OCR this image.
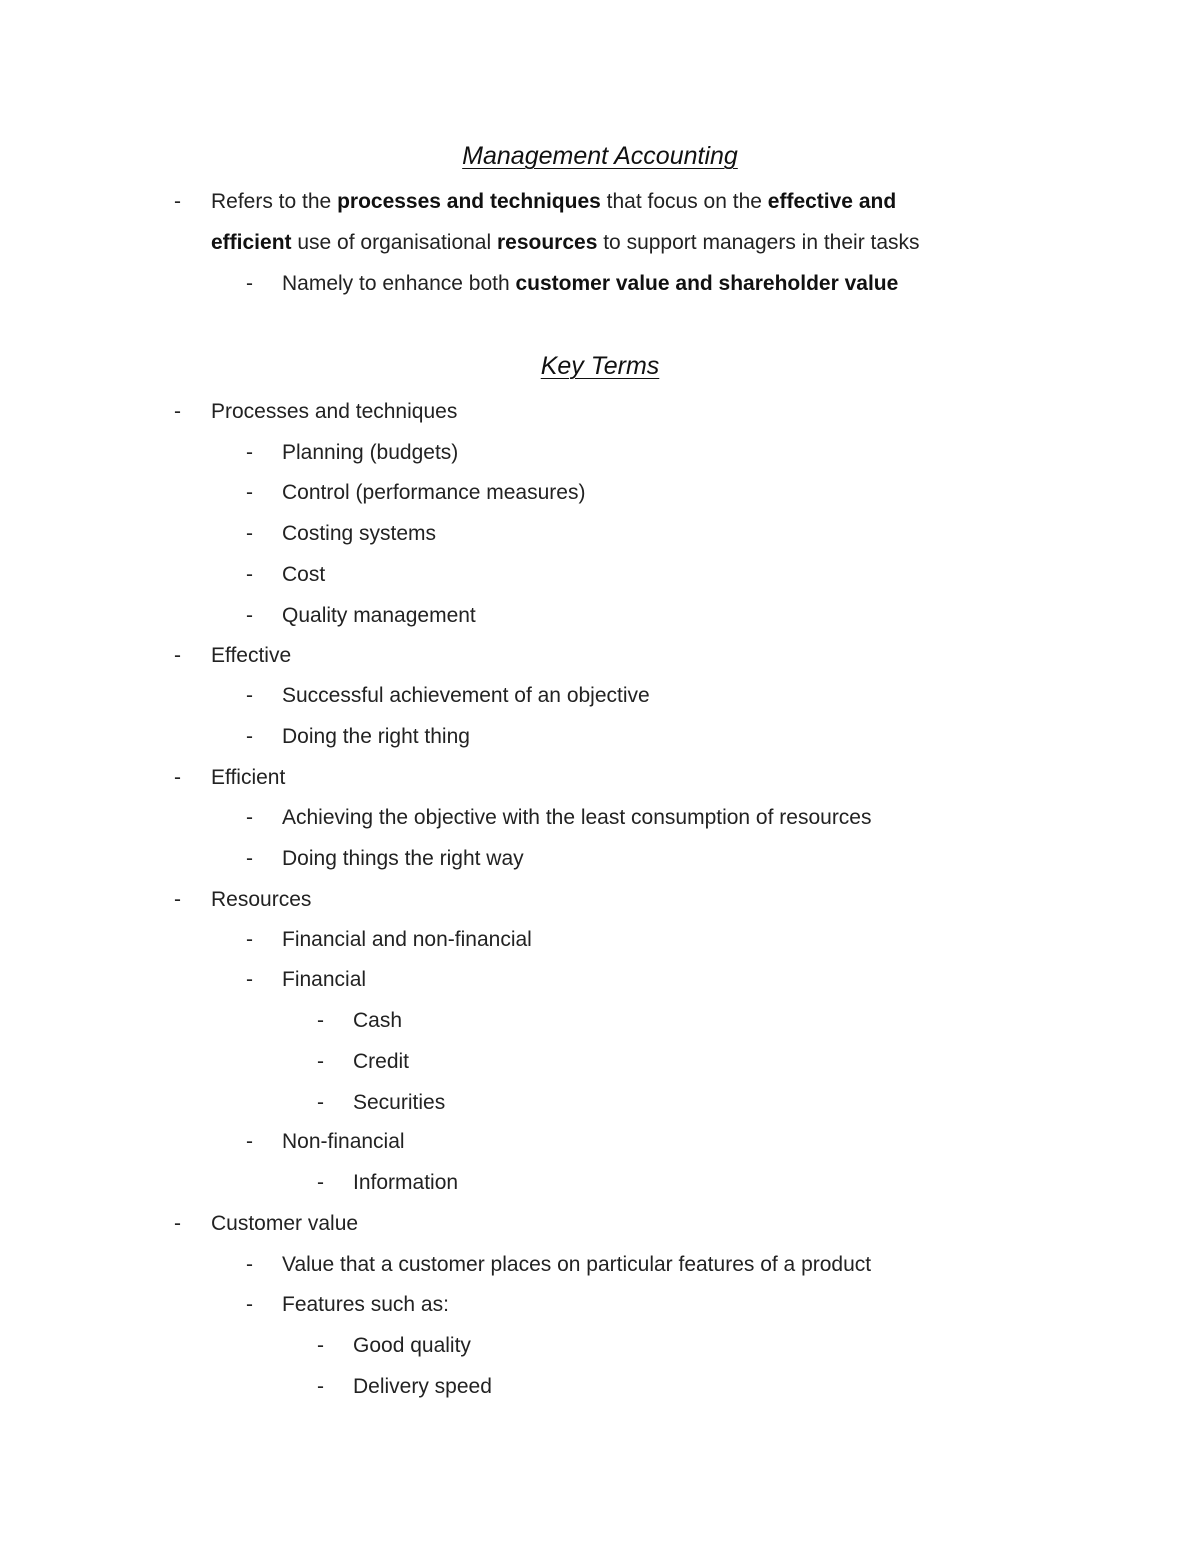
Management Accounting
- Refers to the processes and techniques that focus on the effective and
efficient use of organisational resources to support managers in their tasks
- Namely to enhance both customer value and shareholder value
Key Terms
- Processes and techniques
- Planning (budgets)
- Control (performance measures)
- Costing systems
- Cost
- Quality management
- Effective
- Successful achievement of an objective
- Doing the right thing
- Efficient
- Achieving the objective with the least consumption of resources
- Doing things the right way
- Resources
- Financial and non-financial
- Financial
- Cash
- Credit
- Securities
- Non-financial
- Information
- Customer value
- Value that a customer places on particular features of a product
- Features such as:
- Good quality
- Delivery speed
